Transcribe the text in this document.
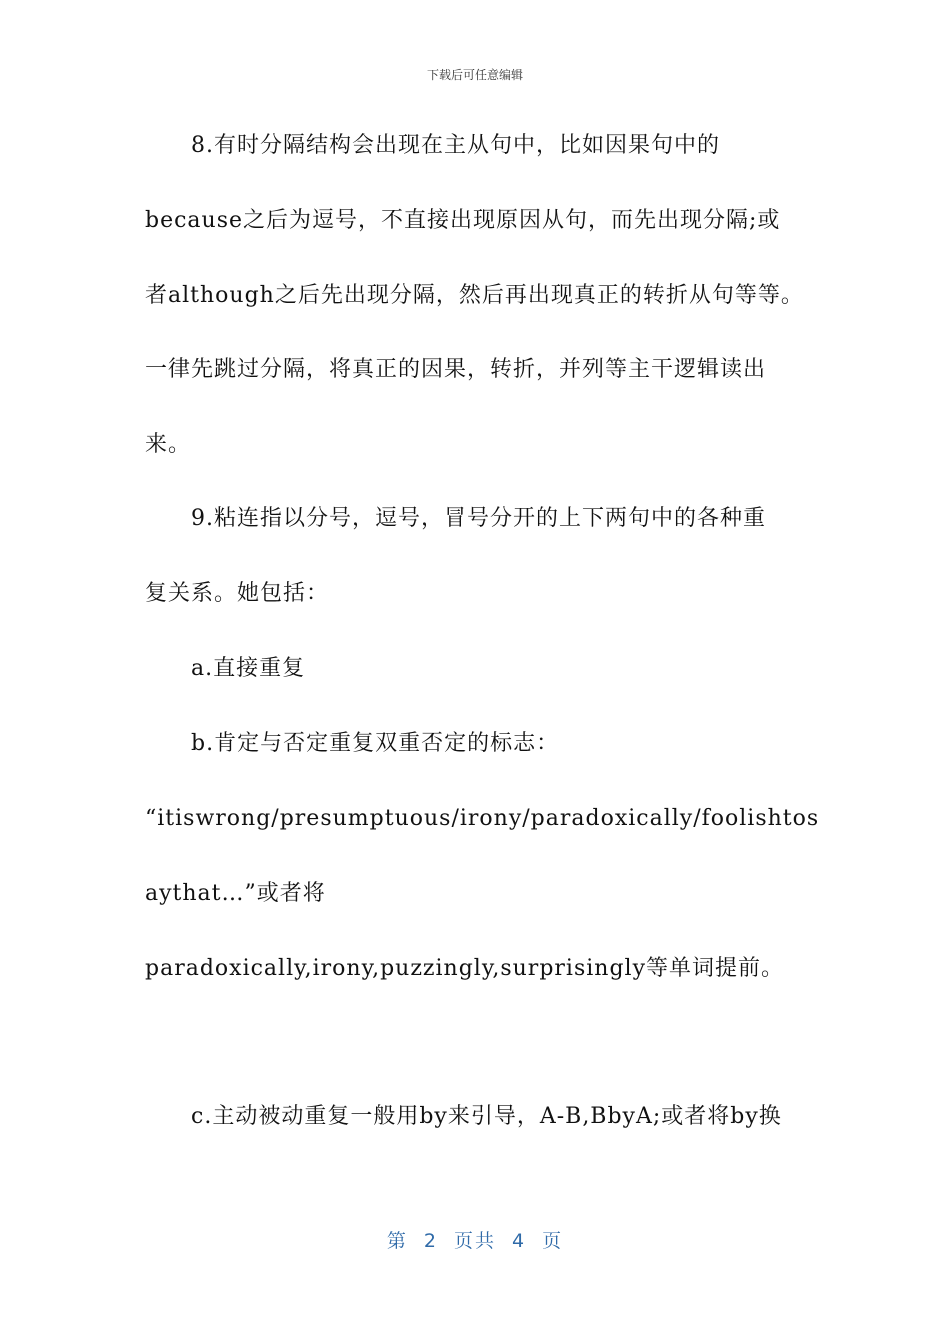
下载后可任意编辑
8.有时分隔结构会出现在主从句中，比如因果句中的
because之后为逗号，不直接出现原因从句，而先出现分隔;或
者although之后先出现分隔，然后再出现真正的转折从句等等。
一律先跳过分隔，将真正的因果，转折，并列等主干逻辑读出
来。
9.粘连指以分号，逗号，冒号分开的上下两句中的各种重
复关系。她包括：
a.直接重复
b.肯定与否定重复双重否定的标志：
“itiswrong/presumptuous/irony/paradoxically/foolishtos
aythat…”或者将
paradoxically,irony,puzzingly,surprisingly等单词提前。
c.主动被动重复一般用by来引导，A-B,BbyA;或者将by换
第 2 页共 4 页
